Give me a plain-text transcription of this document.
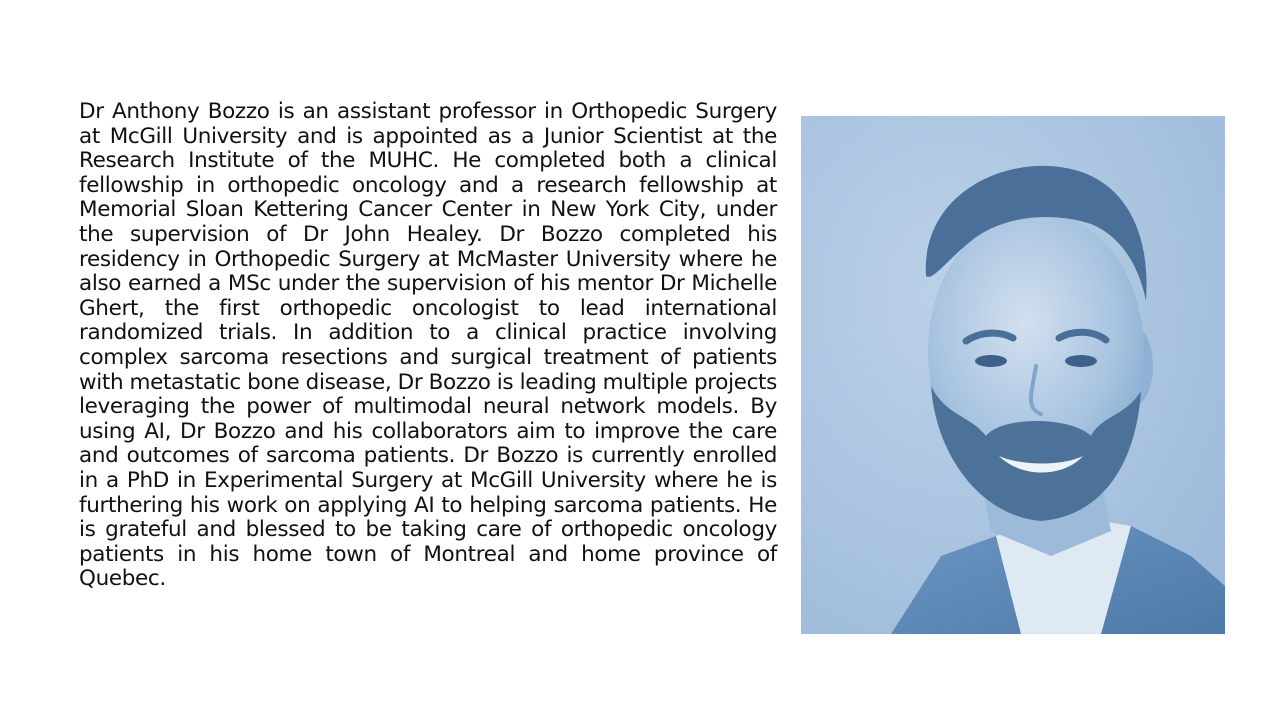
Dr Anthony Bozzo is an assistant professor in Orthopedic Surgery at McGill University and is appointed as a Junior Scientist at the Research Institute of the MUHC. He completed both a clinical fellowship in orthopedic oncology and a research fellowship at Memorial Sloan Kettering Cancer Center in New York City, under the supervision of Dr John Healey. Dr Bozzo completed his residency in Orthopedic Surgery at McMaster University where he also earned a MSc under the supervision of his mentor Dr Michelle Ghert, the first orthopedic oncologist to lead international randomized trials. In addition to a clinical practice involving complex sarcoma resections and surgical treatment of patients with metastatic bone disease, Dr Bozzo is leading multiple projects leveraging the power of multimodal neural network models. By using AI, Dr Bozzo and his collaborators aim to improve the care and outcomes of sarcoma patients. Dr Bozzo is currently enrolled in a PhD in Experimental Surgery at McGill University where he is furthering his work on applying AI to helping sarcoma patients. He is grateful and blessed to be taking care of orthopedic oncology patients in his home town of Montreal and home province of Quebec.
